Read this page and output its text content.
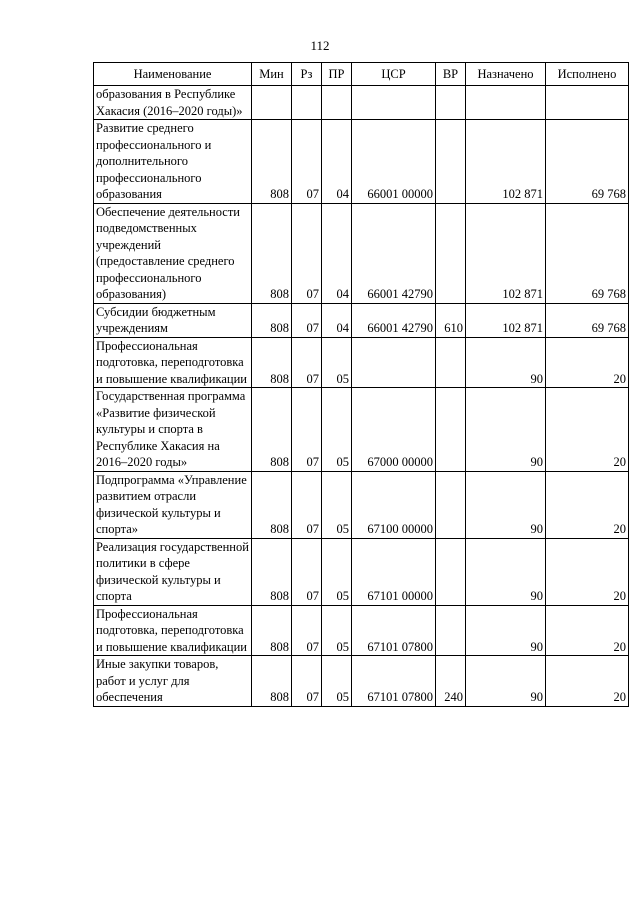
112
Наименование	Мин	Рз	ПР	ЦСР	ВР	Назначено	Исполнено
образования в Республике Хакасия (2016–2020 годы)»							
Развитие среднего профессионального и дополнительного профессионального образования	808	07	04	66001 00000		102 871	69 768
Обеспечение деятельности подведомственных учреждений (предоставление среднего профессионального образования)	808	07	04	66001 42790		102 871	69 768
Субсидии бюджетным учреждениям	808	07	04	66001 42790	610	102 871	69 768
Профессиональная подготовка, переподготовка и повышение квалификации	808	07	05			90	20
Государственная программа «Развитие физической культуры и спорта в Республике Хакасия на 2016–2020 годы»	808	07	05	67000 00000		90	20
Подпрограмма «Управление развитием отрасли физической культуры и спорта»	808	07	05	67100 00000		90	20
Реализация государственной политики в сфере физической культуры и спорта	808	07	05	67101 00000		90	20
Профессиональная подготовка, переподготовка и повышение квалификации	808	07	05	67101 07800		90	20
Иные закупки товаров, работ и услуг для обеспечения	808	07	05	67101 07800	240	90	20
